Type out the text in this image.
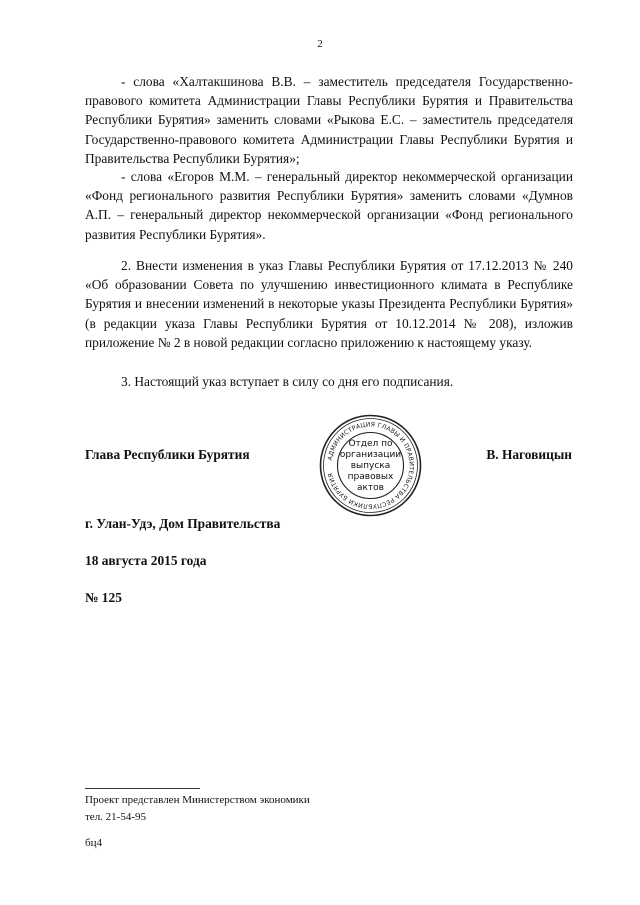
2

- слова «Халтакшинова В.В. – заместитель председателя Государственно-правового комитета Администрации Главы Республики Бурятия и Правительства Республики Бурятия» заменить словами «Рыкова Е.С. – заместитель председателя Государственно-правового комитета Администрации Главы Республики Бурятия и Правительства Республики Бурятия»;

- слова «Егоров М.М. – генеральный директор некоммерческой организации «Фонд регионального развития Республики Бурятия» заменить словами «Думнов А.П. – генеральный директор некоммерческой организации «Фонд регионального развития Республики Бурятия».

2. Внести изменения в указ Главы Республики Бурятия от 17.12.2013 № 240 «Об образовании Совета по улучшению инвестиционного климата в Республике Бурятия и внесении изменений в некоторые указы Президента Республики Бурятия» (в редакции указа Главы Республики Бурятия от 10.12.2014 № 208), изложив приложение № 2 в новой редакции согласно приложению к настоящему указу.

3. Настоящий указ вступает в силу со дня его подписания.

Глава Республики Бурятия	АДМИНИСТРАЦИЯ ГЛАВЫ И ПРАВИТЕЛЬСТВА РЕСПУБЛИКИ БУРЯТИЯ
Отдел по
организации
выпуска
правовых
актов
В. Наговицын
г. Улан-Удэ, Дом Правительства
18 августа 2015 года
№ 125
Проект представлен Министерством экономики
тел. 21-54-95
бц4
